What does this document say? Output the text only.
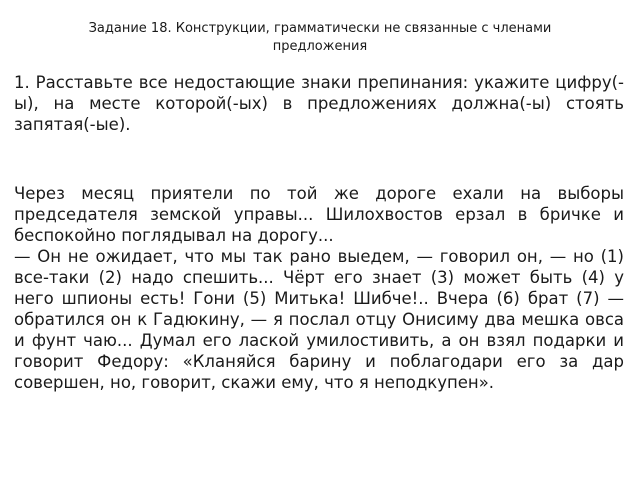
Задание 18. Конструкции, грамматически не связанные с членами предложения
1. Расставьте все недостающие знаки препинания: укажите цифру(-ы), на месте которой(-ых) в предложениях должна(-ы) стоять запятая(-ые).

Через месяц приятели по той же дороге ехали на выборы председателя земской управы... Шилохвостов ерзал в бричке и беспокойно поглядывал на дорогу...

— Он не ожидает, что мы так рано выедем, — говорил он, — но (1) все-таки (2) надо спешить... Чёрт его знает (3) может быть (4) у него шпионы есть! Гони (5) Митька! Шибче!.. Вчера (6) брат (7) — обратился он к Гадюкину, — я послал отцу Онисиму два мешка овса и фунт чаю... Думал его лаской умилостивить, а он взял подарки и говорит Федору: «Кланяйся барину и поблагодари его за дар совершен, но, говорит, скажи ему, что я неподкупен».
